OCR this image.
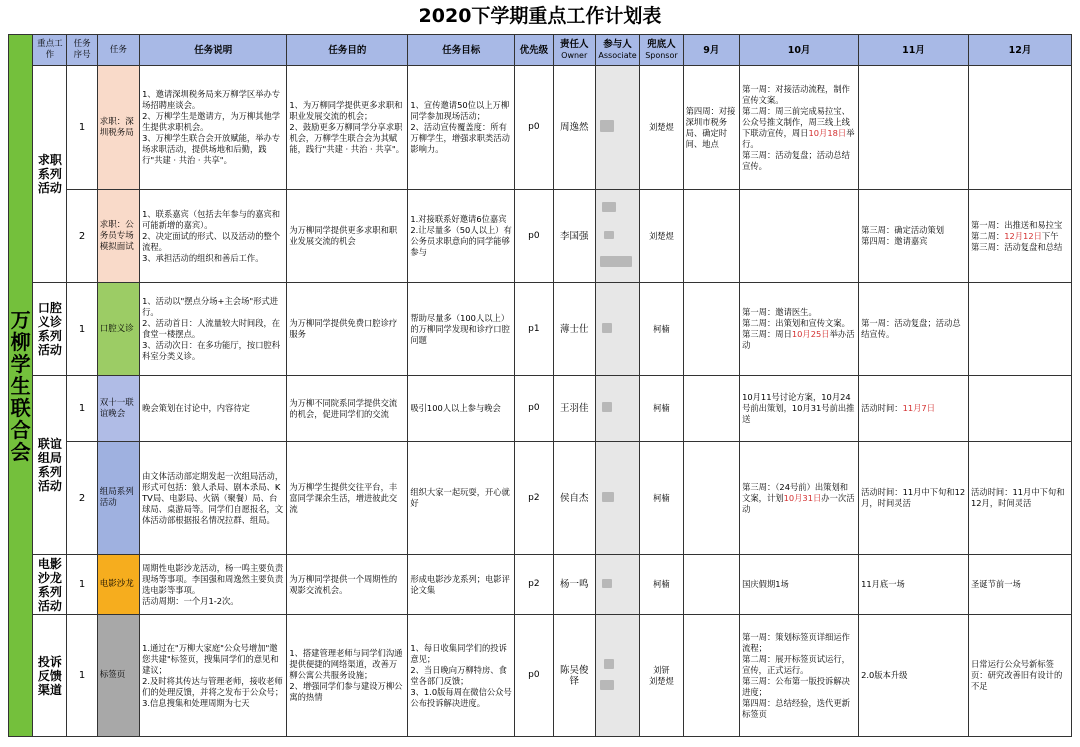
2020下学期重点工作计划表
万柳学生联合会	重点工作	任务序号	任务	任务说明	任务目的	任务目标	优先级	责任人
Owner	参与人
Associate	兜底人
Sponsor	9月	10月	11月	12月
	求职系列活动	1	求职：深圳税务局	1、邀请深圳税务局来万柳学区举办专场招聘座谈会。
2、万柳学生是邀请方，为万柳其他学生提供求职机会。
3、万柳学生联合会开放赋能，举办专场求职活动，提供场地和后勤，践行"共建 · 共治 · 共享"。	1、为万柳同学提供更多求职和职业发展交流的机会；
2、鼓励更多万柳同学分享求职机会，万柳学生联合会为其赋能，践行"共建 · 共治 · 共享"。	1、宣传邀请50位以上万柳同学参加现场活动；
2、活动宣传覆盖度：所有万柳学生，增强求职类活动影响力。	p0	周逸然		刘楚煜	第四周：对接深圳市税务局、确定时间、地点	第一周：对接活动流程，制作宣传文案。
第二周：周三前完成易拉宝、公众号推文制作，周三线上线下联动宣传，周日10月18日举行。
第三周：活动复盘；活动总结宣传。		
		2	求职：公务员专场模拟面试	1、联系嘉宾（包括去年参与的嘉宾和可能新增的嘉宾）。
2、决定面试的形式、以及活动的整个流程。
3、承担活动的组织和善后工作。	为万柳同学提供更多求职和职业发展交流的机会	1.对接联系好邀请6位嘉宾
2.让尽量多（50人以上）有公务员求职意向的同学能够参与	p0	李国强		刘楚煜			第三周：确定活动策划
第四周：邀请嘉宾	第一周：出推送和易拉宝
第二周：12月12日下午
第三周：活动复盘和总结
	口腔义诊系列活动	1	口腔义诊	1、活动以"摆点分场+主会场"形式进行。
2、活动首日：人流量较大时间段，在食堂一楼摆点。
3、活动次日：在多功能厅，按口腔科科室分类义诊。	为万柳同学提供免费口腔诊疗服务	帮助尽量多（100人以上）的万柳同学发现和诊疗口腔问题	p1	薄士仕		柯楠		第一周：邀请医生。
第二周：出策划和宣传文案。
第三周：周日10月25日举办活动	第一周：活动复盘；活动总结宣传。	
	联谊组局系列活动	1	双十一联谊晚会	晚会策划在讨论中，内容待定	为万柳不同院系同学提供交流的机会，促进同学们的交流	吸引100人以上参与晚会	p0	王羽佳		柯楠		10月11号讨论方案，10月24号前出策划，10月31号前出推送	活动时间：11月7日	
		2	组局系列活动	由文体活动部定期发起一次组局活动，形式可包括：狼人杀局、剧本杀局、KTV局、电影局、火锅（聚餐）局、台球局、桌游局等。同学们自愿报名，文体活动部根据报名情况拉群、组局。	为万柳学生提供交往平台，丰富同学课余生活，增进彼此交流	组织大家一起玩耍，开心就好	p2	侯自杰		柯楠		第三周：（24号前）出策划和文案，计划10月31日办一次活动	活动时间：11月中下旬和12月，时间灵活	活动时间：11月中下旬和12月，时间灵活
	电影沙龙系列活动	1	电影沙龙	周期性电影沙龙活动，杨一鸣主要负责现场等事项。李国强和周逸然主要负责选电影等事项。
活动周期：一个月1-2次。	为万柳同学提供一个周期性的观影交流机会。	形成电影沙龙系列；电影评论文集	p2	杨一鸣		柯楠		国庆假期1场	11月底一场	圣诞节前一场
	投诉反馈渠道	1	标签页	1.通过在"万柳大家庭"公众号增加"邀您共建"标签页，搜集同学们的意见和建议；
2.及时将其传达与管理老师，接收老师们的处理反馈，并将之发布于公众号；
3.信息搜集和处理周期为七天	1、搭建管理老师与同学们沟通提供便捷的网络渠道，改善万柳公寓公共服务设施；
2、增强同学们参与建设万柳公寓的热情	1、每日收集同学们的投诉意见；
2、当日晚向万柳特房、食堂各部门反馈；
3、1.0版每周在微信公众号公布投诉解决进度。	p0	陈吴俊铎		刘钘
刘楚煜		第一周：策划标签页详细运作流程；
第二周：展开标签页试运行，宣传，正式运行。
第三周：公布第一版投诉解决进度；
第四周：总结经验，迭代更新标签页	2.0版本升级	日常运行公众号新标签页：研究改善旧有设计的不足
